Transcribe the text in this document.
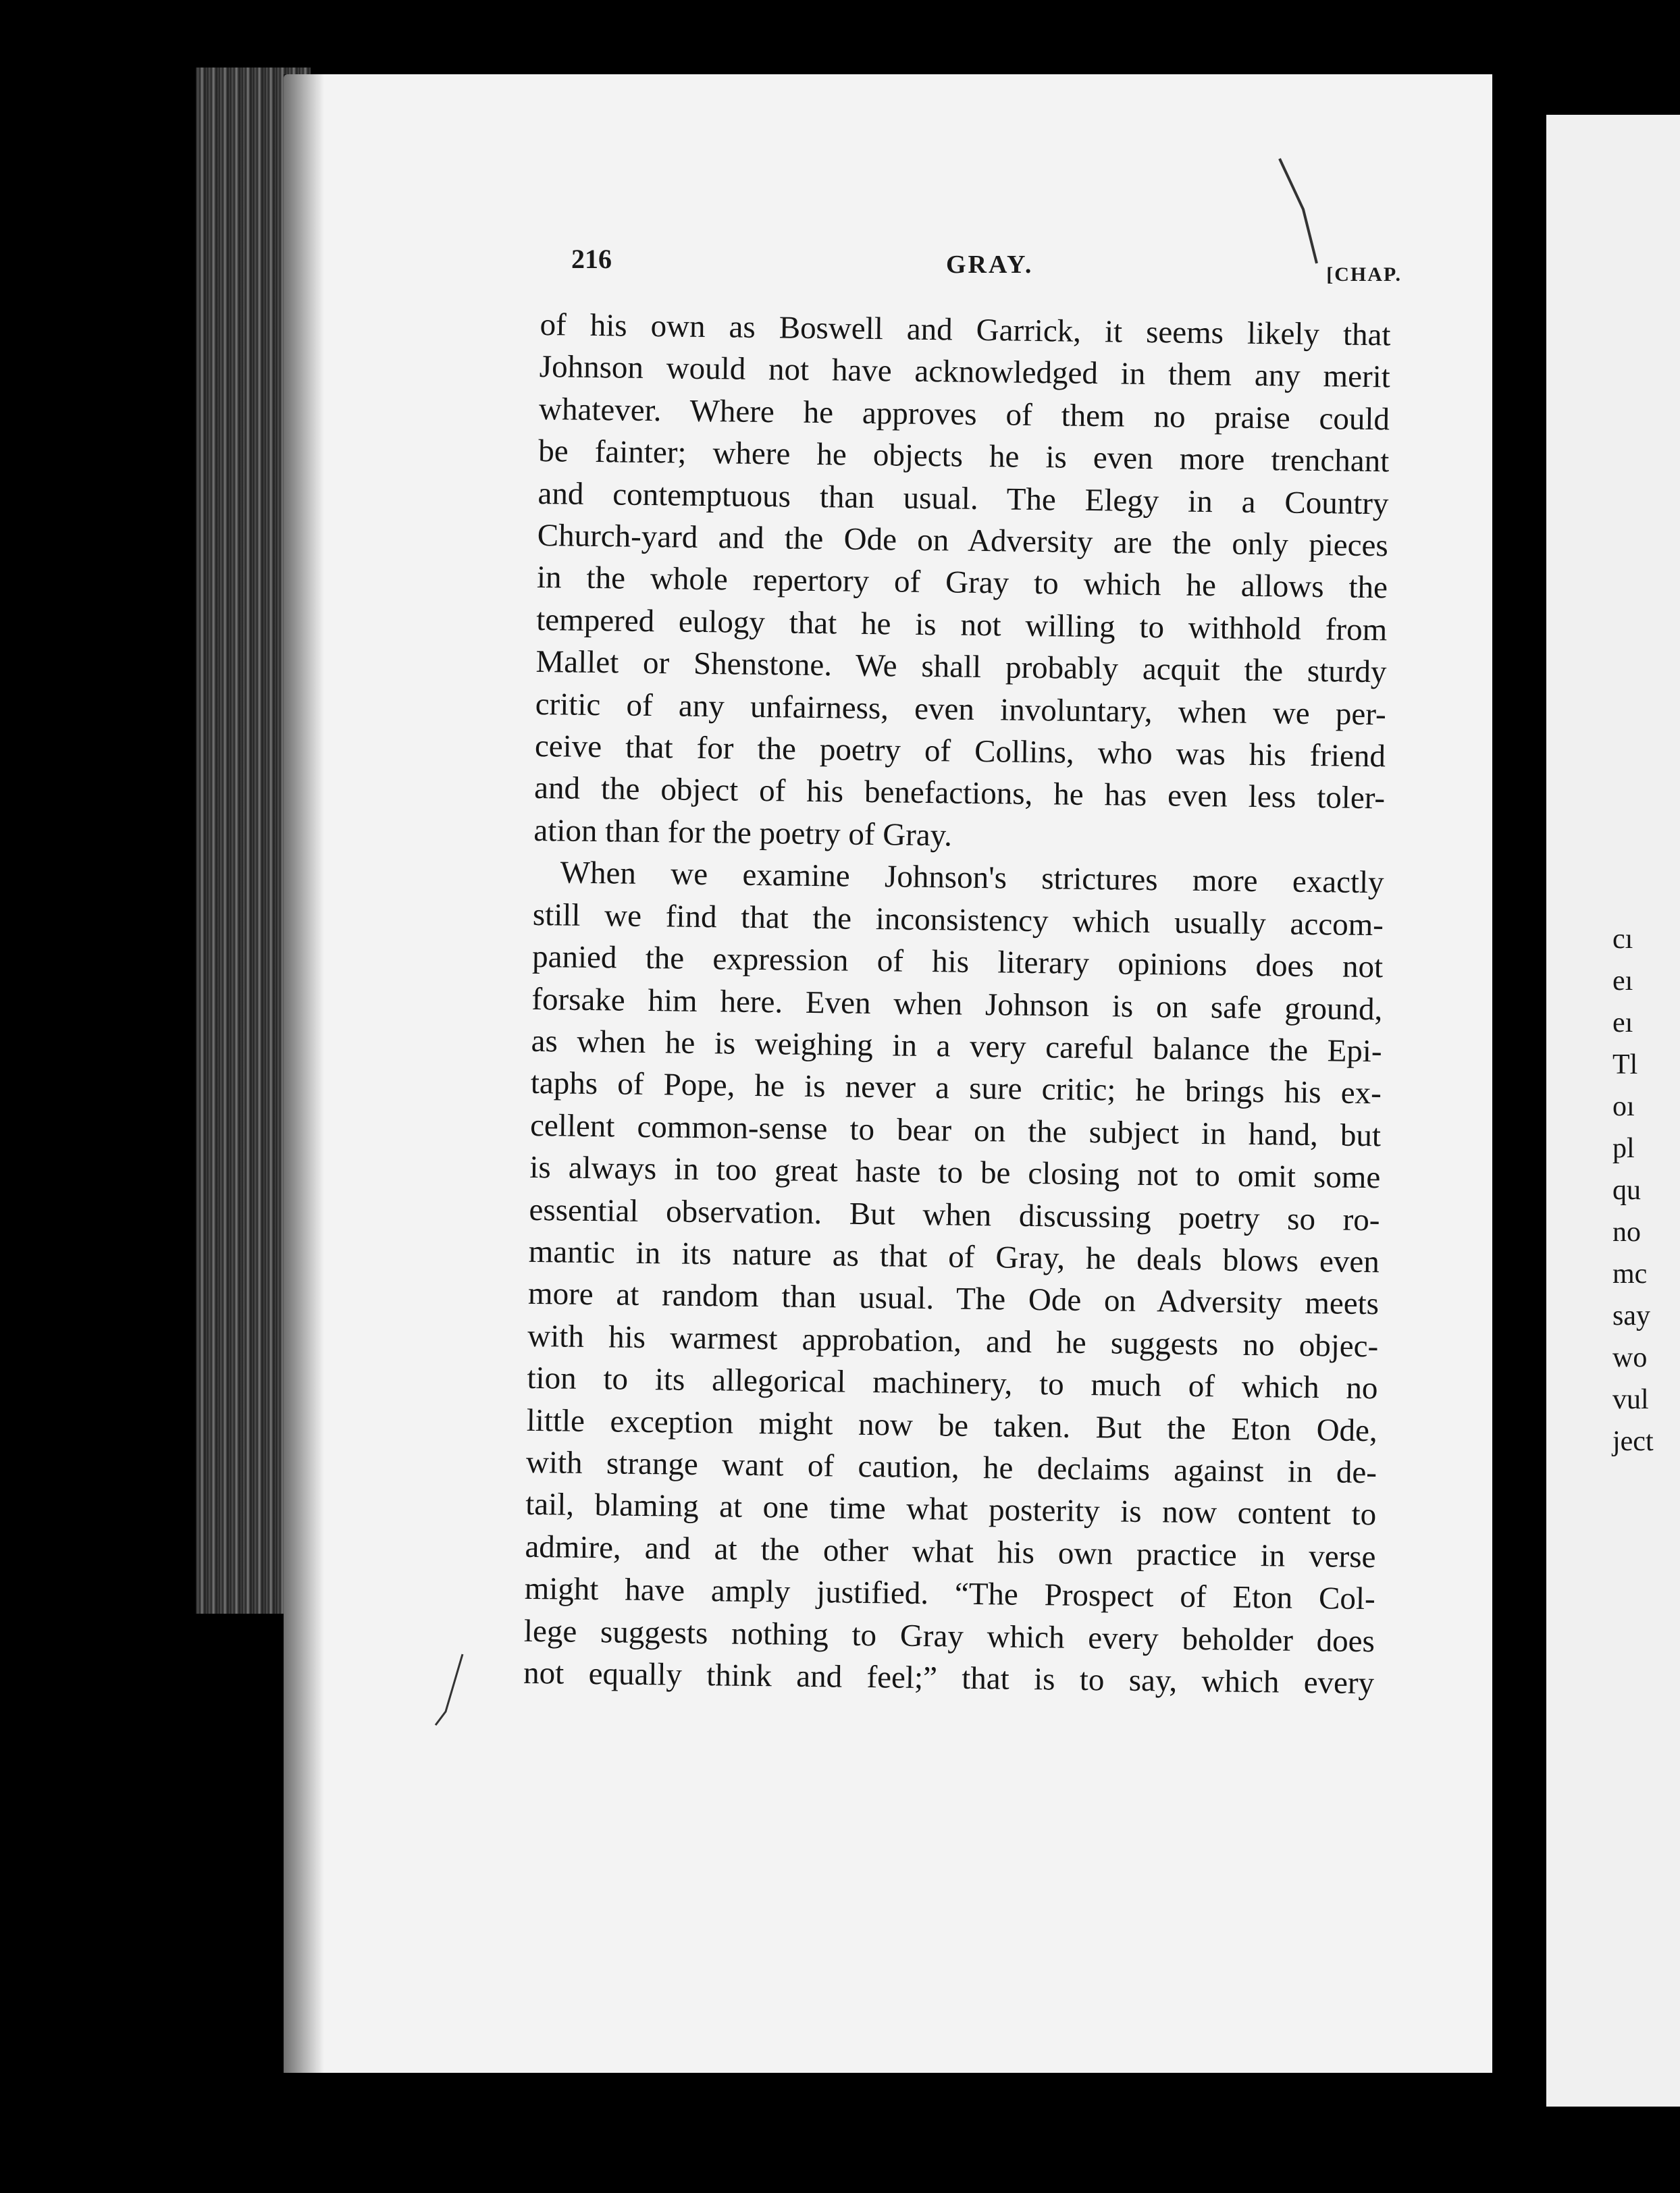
216	GRAY.	[CHAP.
of his own as Boswell and Garrick, it seems likely that
Johnson would not have acknowledged in them any merit
whatever. Where he approves of them no praise could
be fainter; where he objects he is even more trenchant
and contemptuous than usual. The Elegy in a Country
Church-yard and the Ode on Adversity are the only pieces
in the whole repertory of Gray to which he allows the
tempered eulogy that he is not willing to withhold from
Mallet or Shenstone. We shall probably acquit the sturdy
critic of any unfairness, even involuntary, when we per-
ceive that for the poetry of Collins, who was his friend
and the object of his benefactions, he has even less toler-
ation than for the poetry of Gray.
When we examine Johnson's strictures more exactly
still we find that the inconsistency which usually accom-
panied the expression of his literary opinions does not
forsake him here. Even when Johnson is on safe ground,
as when he is weighing in a very careful balance the Epi-
taphs of Pope, he is never a sure critic; he brings his ex-
cellent common-sense to bear on the subject in hand, but
is always in too great haste to be closing not to omit some
essential observation. But when discussing poetry so ro-
mantic in its nature as that of Gray, he deals blows even
more at random than usual. The Ode on Adversity meets
with his warmest approbation, and he suggests no objec-
tion to its allegorical machinery, to much of which no
little exception might now be taken. But the Eton Ode,
with strange want of caution, he declaims against in de-
tail, blaming at one time what posterity is now content to
admire, and at the other what his own practice in verse
might have amply justified. “The Prospect of Eton Col-
lege suggests nothing to Gray which every beholder does
not equally think and feel;” that is to say, which every
cı
eı
eı
Tl
oı
pl
qu
no
mc
say
wo
vul
ject
